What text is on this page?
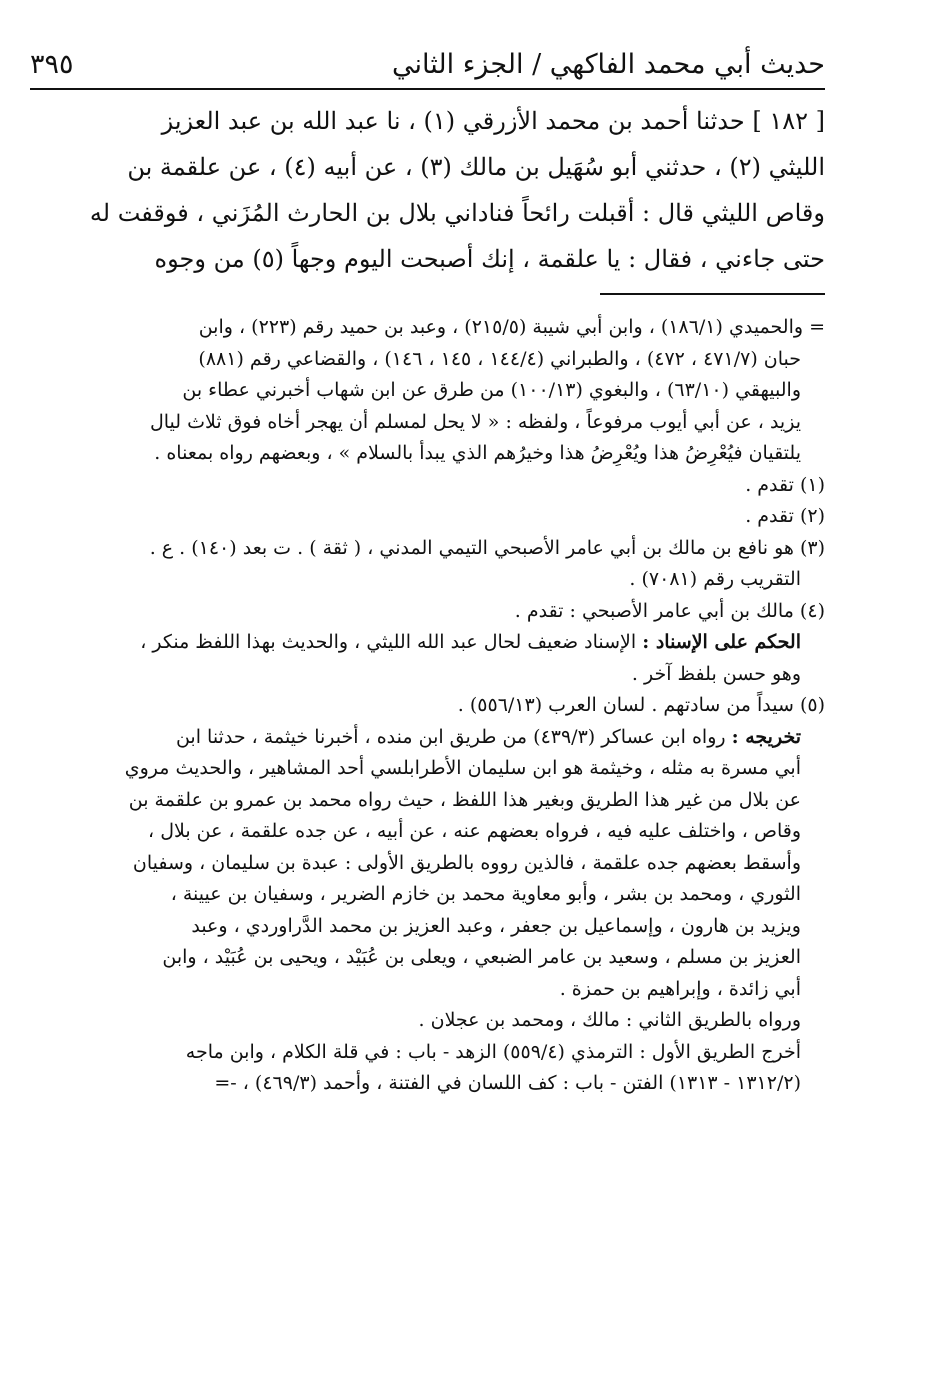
حديث أبي محمد الفاكهي / الجزء الثاني
٣٩٥

[ ١٨٢ ] حدثنا أحمد بن محمد الأزرقي (١) ، نا عبد الله بن عبد العزيز

الليثي (٢) ، حدثني أبو سُهَيل بن مالك (٣) ، عن أبيه (٤) ، عن علقمة بن

وقاص الليثي قال : أقبلت رائحاً فناداني بلال بن الحارث المُزَني ، فوقفت له

حتى جاءني ، فقال : يا علقمة ، إنك أصبحت اليوم وجهاً (٥) من وجوه

= والحميدي (١٨٦/١) ، وابن أبي شيبة (٢١٥/٥) ، وعبد بن حميد رقم (٢٢٣) ، وابن

حبان (٤٧١/٧ ، ٤٧٢) ، والطبراني (١٤٤/٤ ، ١٤٥ ، ١٤٦) ، والقضاعي رقم (٨٨١)

والبيهقي (٦٣/١٠) ، والبغوي (١٠٠/١٣) من طرق عن ابن شهاب أخبرني عطاء بن

يزيد ، عن أبي أيوب مرفوعاً ، ولفظه : « لا يحل لمسلم أن يهجر أخاه فوق ثلاث ليال

يلتقيان فيُعْرِضُ هذا ويُعْرِضُ هذا وخيرُهم الذي يبدأ بالسلام » ، وبعضهم رواه بمعناه .

(١) تقدم .

(٢) تقدم .

(٣) هو نافع بن مالك بن أبي عامر الأصبحي التيمي المدني ، ( ثقة ) . ت بعد (١٤٠) . ع .

التقريب رقم (٧٠٨١) .

(٤) مالك بن أبي عامر الأصبحي : تقدم .

الحكم على الإسناد : الإسناد ضعيف لحال عبد الله الليثي ، والحديث بهذا اللفظ منكر ،

وهو حسن بلفظ آخر .

(٥) سيداً من سادتهم . لسان العرب (٥٥٦/١٣) .

تخريجه : رواه ابن عساكر (٤٣٩/٣) من طريق ابن منده ، أخبرنا خيثمة ، حدثنا ابن

أبي مسرة به مثله ، وخيثمة هو ابن سليمان الأطرابلسي أحد المشاهير ، والحديث مروي

عن بلال من غير هذا الطريق وبغير هذا اللفظ ، حيث رواه محمد بن عمرو بن علقمة بن

وقاص ، واختلف عليه فيه ، فرواه بعضهم عنه ، عن أبيه ، عن جده علقمة ، عن بلال ،

وأسقط بعضهم جده علقمة ، فالذين رووه بالطريق الأولى : عبدة بن سليمان ، وسفيان

الثوري ، ومحمد بن بشر ، وأبو معاوية محمد بن خازم الضرير ، وسفيان بن عيينة ،

ويزيد بن هارون ، وإسماعيل بن جعفر ، وعبد العزيز بن محمد الدَّراوردي ، وعبد

العزيز بن مسلم ، وسعيد بن عامر الضبعي ، ويعلى بن عُبَيْد ، ويحيى بن عُبَيْد ، وابن

أبي زائدة ، وإبراهيم بن حمزة .

ورواه بالطريق الثاني : مالك ، ومحمد بن عجلان .

أخرج الطريق الأول : الترمذي (٥٥٩/٤) الزهد - باب : في قلة الكلام ، وابن ماجه

(١٣١٢/٢ - ١٣١٣) الفتن - باب : كف اللسان في الفتنة ، وأحمد (٤٦٩/٣) ، -=
